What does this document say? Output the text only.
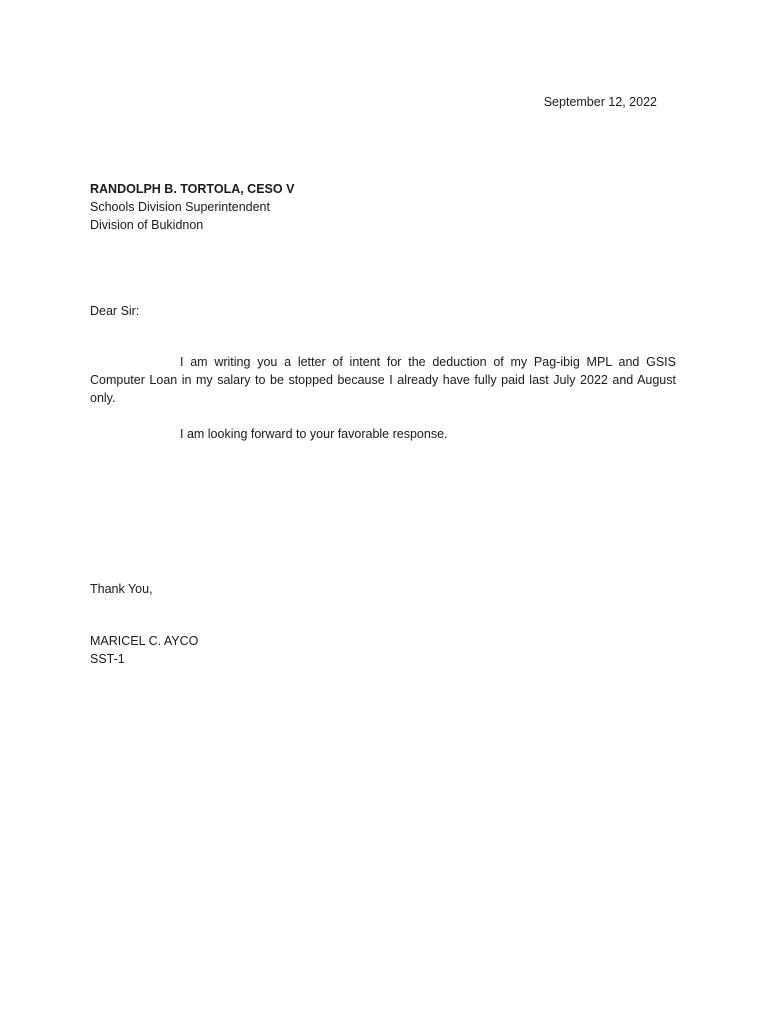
September 12, 2022
RANDOLPH B. TORTOLA, CESO V
Schools Division Superintendent
Division of Bukidnon
Dear Sir:

I am writing you a letter of intent for the deduction of my Pag-ibig MPL and GSIS Computer Loan in my salary to be stopped because I already have fully paid last July 2022 and August only.

I am looking forward to your favorable response.

Thank You,
MARICEL C. AYCO
SST-1
